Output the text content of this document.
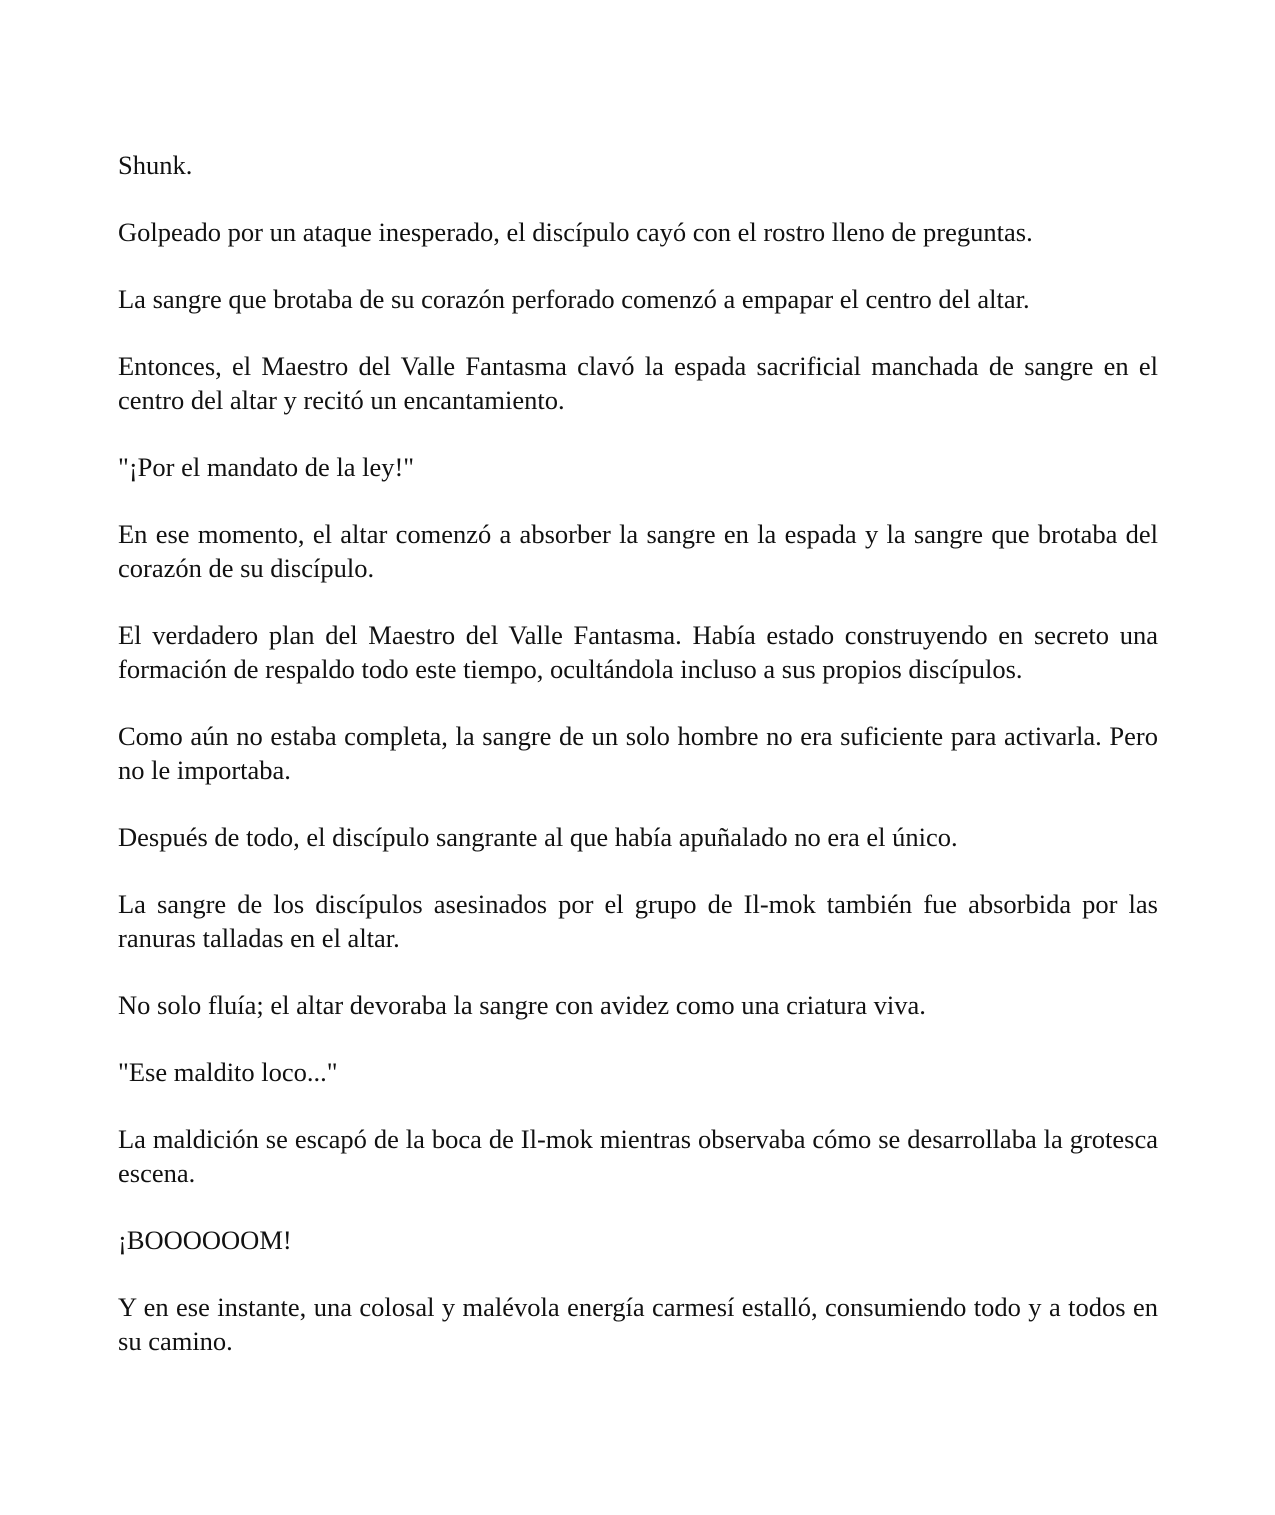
Shunk.

Golpeado por un ataque inesperado, el discípulo cayó con el rostro lleno de preguntas.

La sangre que brotaba de su corazón perforado comenzó a empapar el centro del altar.

Entonces, el Maestro del Valle Fantasma clavó la espada sacrificial manchada de sangre en el centro del altar y recitó un encantamiento.

"¡Por el mandato de la ley!"

En ese momento, el altar comenzó a absorber la sangre en la espada y la sangre que brotaba del corazón de su discípulo.

El verdadero plan del Maestro del Valle Fantasma. Había estado construyendo en secreto una formación de respaldo todo este tiempo, ocultándola incluso a sus propios discípulos.

Como aún no estaba completa, la sangre de un solo hombre no era suficiente para activarla. Pero no le importaba.

Después de todo, el discípulo sangrante al que había apuñalado no era el único.

La sangre de los discípulos asesinados por el grupo de Il-mok también fue absorbida por las ranuras talladas en el altar.

No solo fluía; el altar devoraba la sangre con avidez como una criatura viva.

"Ese maldito loco..."

La maldición se escapó de la boca de Il-mok mientras observaba cómo se desarrollaba la grotesca escena.

¡BOOOOOOM!

Y en ese instante, una colosal y malévola energía carmesí estalló, consumiendo todo y a todos en su camino.
